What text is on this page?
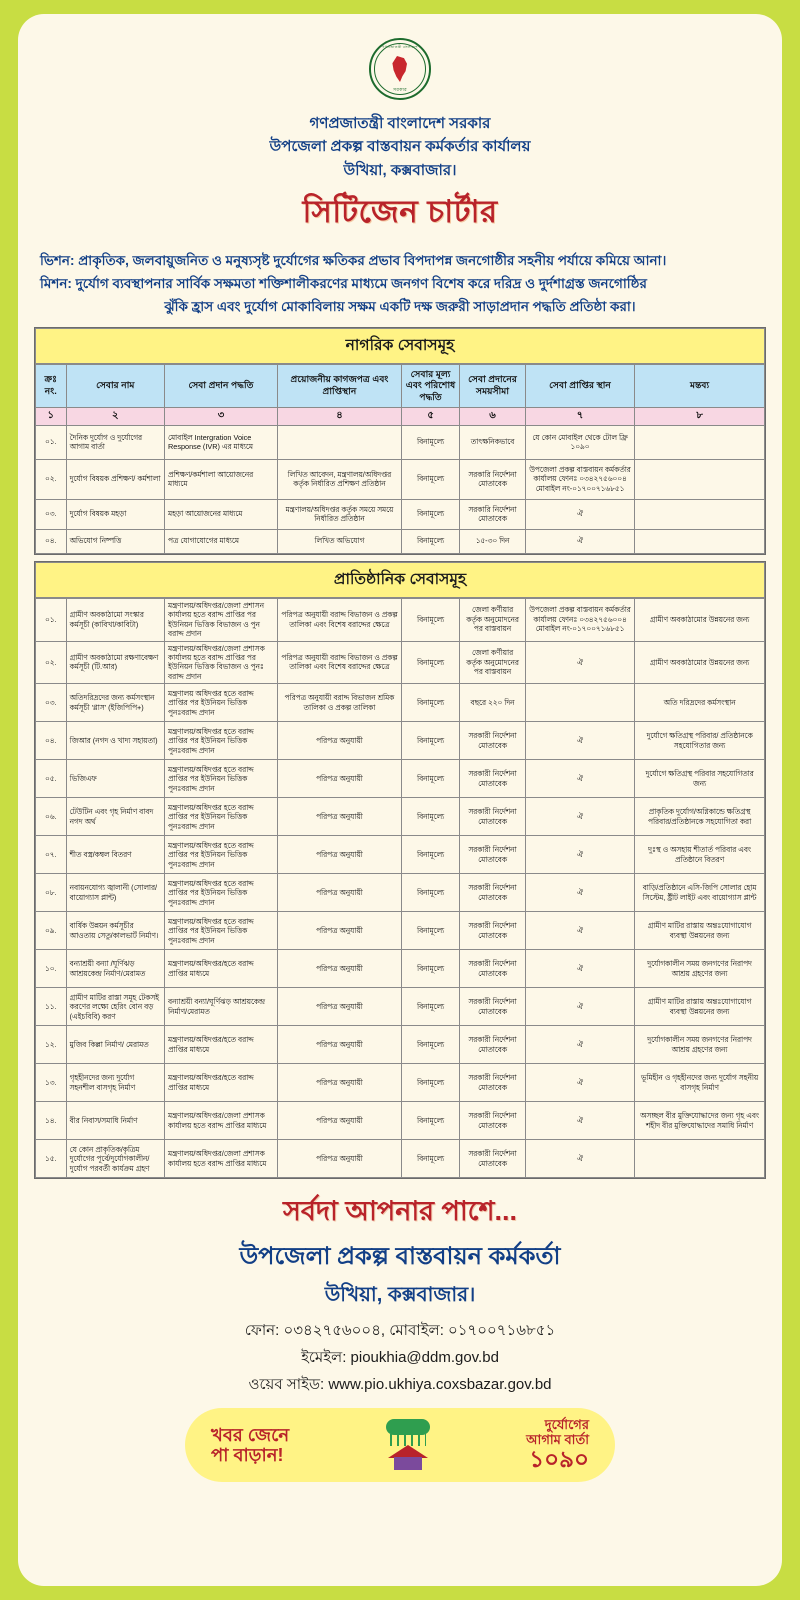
গণপ্রজাতন্ত্রী বাংলাদেশ
সরকার
গণপ্রজাতন্ত্রী বাংলাদেশ সরকার
উপজেলা প্রকল্প বাস্তবায়ন কর্মকর্তার কার্যালয়
উখিয়া, কক্সবাজার।
সিটিজেন চার্টার
ভিশন: প্রাকৃতিক, জলবায়ুজনিত ও মনুষ্যসৃষ্ট দুর্যোগের ক্ষতিকর প্রভাব বিপদাপন্ন জনগোষ্ঠীর সহনীয় পর্যায়ে কমিয়ে আনা।
মিশন: দুর্যোগ ব্যবস্থাপনার সার্বিক সক্ষমতা শক্তিশালীকরণের মাধ্যমে জনগণ বিশেষ করে দরিদ্র ও দুর্দশাগ্রস্ত জনগোষ্ঠির
ঝুঁকি হ্রাস এবং দুর্যোগ মোকাবিলায় সক্ষম একটি দক্ষ জরুরী সাড়াপ্রদান পদ্ধতি প্রতিষ্ঠা করা।
নাগরিক সেবাসমূহ
ক্রঃ নং.	সেবার নাম	সেবা প্রদান পদ্ধতি	প্রয়োজনীয় কাগজপত্র এবং প্রাপ্তিস্থান	সেবার মূল্য এবং পরিশোধ পদ্ধতি	সেবা প্রদানের সময়সীমা	সেবা প্রাপ্তির স্থান	মন্তব্য
১	২	৩	৪	৫	৬	৭	৮
০১.	দৈনিক দুর্যোগ ও দুর্যোগের আগাম বার্তা	মোবাইল Intergration Voice Response (IVR) এর মাধ্যমে		বিনামূল্যে	তাৎক্ষনিকভাবে	যে কোন মোবাইল থেকে টোল ফ্রি ১০৯০	
০২.	দুর্যোগ বিষয়ক প্রশিক্ষণ/ কর্মশালা	প্রশিক্ষণ/কর্মশালা আয়োজনের মাধ্যমে	লিখিত আবেদন, মন্ত্রণালয়/অধিদপ্তর কর্তৃক নির্ধারিত প্রশিক্ষণ প্রতিষ্ঠান	বিনামূল্যে	সরকারি নির্দেশনা মোতাবেক	উপজেলা প্রকল্প বাস্তবায়ন কর্মকর্তার কার্যালয় ফোনঃ ০৩৪২৭৫৬০০৪ মোবাইল নং-০১৭০০৭১৬৮৫১	
০৩.	দুর্যোগ বিষয়ক মহড়া	মহড়া আয়োজনের মাধ্যমে	মন্ত্রণালয়/অধিদপ্তর কর্তৃক সময়ে সময়ে নির্ধারিত প্রতিষ্ঠান	বিনামূল্যে	সরকারি নির্দেশনা মোতাবেক	ঐ	
০৪.	অভিযোগ নিষ্পত্তি	পত্র যোগাযোগের মাধ্যমে	লিখিত অভিযোগ	বিনামূল্যে	১৫-৩০ দিন	ঐ	
প্রাতিষ্ঠানিক সেবাসমূহ
০১.	গ্রামীণ অবকাঠামো সংস্কার কর্মসূচী (কাবিখা/কাবিটা)	মন্ত্রণালয়/অধিদপ্তর/জেলা প্রশাসন কার্যালয় হতে বরাদ্দ প্রাপ্তির পর ইউনিয়ন ভিত্তিক বিভাজন ও পুন বরাদ্দ প্রদান	পরিপত্র অনুযায়ী বরাদ্দ বিভাজন ও প্রকল্প তালিকা এবং বিশেষ বরাদ্দের ক্ষেত্রে	বিনামূল্যে	জেলা কর্ণীয়ার কর্তৃক অনুমোদনের পর বাস্তবায়ন	উপজেলা প্রকল্প বাস্তবায়ন কর্মকর্তার কার্যালয় ফোনঃ ০৩৪২৭৫৬০০৪ মোবাইল নং-০১৭০০৭১৬৮৫১	গ্রামীণ অবকাঠামোর উন্নয়নের জন্য
০২.	গ্রামীণ অবকাঠামো রক্ষণাবেক্ষণ কর্মসূচী (টি.আর)	মন্ত্রণালয়/অধিদপ্তর/জেলা প্রশাসক কার্যালয় হতে বরাদ্দ প্রাপ্তির পর ইউনিয়ন ভিত্তিক বিভাজন ও পুনঃ বরাদ্দ প্রদান	পরিপত্র অনুযায়ী বরাদ্দ বিভাজন ও প্রকল্প তালিকা এবং বিশেষ বরাদ্দের ক্ষেত্রে	বিনামূল্যে	জেলা কর্ণীয়ার কর্তৃক অনুমোদনের পর বাস্তবায়ন	ঐ	গ্রামীণ অবকাঠামোর উন্নয়নের জন্য
০৩.	অতিদরিদ্রদের জন্য কর্মসংস্থান কর্মসূচী 'গ্লাস' (ইজিপিপি+)	মন্ত্রণালয় অধিদপ্তর হতে বরাদ্দ প্রাপ্তির পর ইউনিয়ন ভিত্তিক পুনঃবরাদ্দ প্রদান	পরিপত্র অনুযায়ী বরাদ্দ বিভাজন শ্রমিক তালিকা ও প্রকল্প তালিকা	বিনামূল্যে	বছরে ২২০ দিন		অতি দরিদ্রদের কর্মসংস্থান
০৪.	জিআর (নগদ ও খাদ্য সহায়তা)	মন্ত্রণালয়/অধিদপ্তর হতে বরাদ্দ প্রাপ্তির পর ইউনিয়ন ভিত্তিক পুনঃবরাদ্দ প্রদান	পরিপত্র অনুযায়ী	বিনামূল্যে	সরকারী নির্দেশনা মোতাবেক	ঐ	দুর্যোগে ক্ষতিগ্রস্থ পরিবার/ প্রতিষ্ঠানকে সহযোগিতার জন্য
০৫.	ভিজিএফ	মন্ত্রণালয়/অধিদপ্তর হতে বরাদ্দ প্রাপ্তির পর ইউনিয়ন ভিত্তিক পুনঃবরাদ্দ প্রদান	পরিপত্র অনুযায়ী	বিনামূল্যে	সরকারী নির্দেশনা মোতাবেক	ঐ	দুর্যোগে ক্ষতিগ্রস্থ পরিবার সহযোগিতার জন্য
০৬.	টেউটিন এবং গৃহ নির্মাণ বাবদ নগদ অর্থ	মন্ত্রণালয়/অধিদপ্তর হতে বরাদ্দ প্রাপ্তির পর ইউনিয়ন ভিত্তিক পুনঃবরাদ্দ প্রদান	পরিপত্র অনুযায়ী	বিনামূল্যে	সরকারী নির্দেশনা মোতাবেক	ঐ	প্রাকৃতিক দুর্যোগ/অগ্নিকান্ডে ক্ষতিগ্রস্থ পরিবার/প্রতিষ্ঠানকে সহযোগিতা করা
০৭.	শীত বস্ত্র/কম্বল বিতরণ	মন্ত্রণালয়/অধিদপ্তর হতে বরাদ্দ প্রাপ্তির পর ইউনিয়ন ভিত্তিক পুনঃবরাদ্দ প্রদান	পরিপত্র অনুযায়ী	বিনামূল্যে	সরকারী নির্দেশনা মোতাবেক	ঐ	দুঃস্থ ও অসহায় শীতার্ত পরিবার এবং প্রতিষ্ঠানে বিতরণ
০৮.	নবায়নযোগ্য জ্বালানী (সোলার/বায়োগ্যাস প্লান্ট)	মন্ত্রণালয়/অধিদপ্তর হতে বরাদ্দ প্রাপ্তির পর ইউনিয়ন ভিত্তিক পুনঃবরাদ্দ প্রদান	পরিপত্র অনুযায়ী	বিনামূল্যে	সরকারী নির্দেশনা মোতাবেক	ঐ	বাড়ি/প্রতিষ্ঠানে এসি-জিপি সোলার হোম সিস্টেম, ষ্ট্রীট লাইট এবং বায়োগ্যাস প্লান্ট
০৯.	বার্ষিক উন্নয়ন কর্মসূচীর আওতায় সেতু/কালভার্ট নির্মাণ।	মন্ত্রণালয়/অধিদপ্তর হতে বরাদ্দ প্রাপ্তির পর ইউনিয়ন ভিত্তিক পুনঃবরাদ্দ প্রদান	পরিপত্র অনুযায়ী	বিনামূল্যে	সরকারী নির্দেশনা মোতাবেক	ঐ	গ্রামীণ মাটির রাস্তায় অন্তঃযোগাযোগ ব্যবস্থা উন্নয়নের জন্য
১০.	বন্যাশ্রয়ী বন্যা /ঘূর্ণিঝড় আশ্রয়কেন্দ্র নির্মাণ/মেরামত	মন্ত্রণালয়/অধিদপ্তর/হতে বরাদ্দ প্রাপ্তির মাধ্যমে	পরিপত্র অনুযায়ী	বিনামূল্যে	সরকারী নির্দেশনা মোতাবেক	ঐ	দুর্যোগকালীন সময় জনগণের নিরাপদ আশ্রয় গ্রহণের জন্য
১১.	গ্রামীণ মাটির রাস্তা সমূহ টেকসই করণের লক্ষ্যে হেরিং বোন বড় (এইচবিবি) করণ	বন্যাশ্রয়ী বন্যা/ঘূর্ণিঝড় আশ্রয়কেন্দ্র নির্মাণ/মেরামত	পরিপত্র অনুযায়ী	বিনামূল্যে	সরকারী নির্দেশনা মোতাবেক	ঐ	গ্রামীণ মাটির রাস্তায় অন্তঃযোগাযোগ ব্যবস্থা উন্নয়নের জন্য
১২.	মুজিব কিল্লা নির্মাণ/ মেরামত	মন্ত্রণালয়/অধিদপ্তর/হতে বরাদ্দ প্রাপ্তির মাধ্যমে	পরিপত্র অনুযায়ী	বিনামূল্যে	সরকারী নির্দেশনা মোতাবেক	ঐ	দুর্যোগকালীন সময় জনগণের নিরাপদ আশ্রয় গ্রহণের জন্য
১৩.	গৃহহীনদের জন্য দুর্যোগ সহনশীল বাসগৃহ নির্মাণ	মন্ত্রণালয়/অধিদপ্তর/হতে বরাদ্দ প্রাপ্তির মাধ্যমে	পরিপত্র অনুযায়ী	বিনামূল্যে	সরকারী নির্দেশনা মোতাবেক	ঐ	ভূমিহীন ও গৃহহীনদের জন্য দুর্যোগ সহনীয় বাসগৃহ নির্মাণ
১৪.	বীর নিবাস/সমাধি নির্মাণ	মন্ত্রণালয়/অধিদপ্তর/জেলা প্রশাসক কার্যালয় হতে বরাদ্দ প্রাপ্তির মাধ্যমে	পরিপত্র অনুযায়ী	বিনামূল্যে	সরকারী নির্দেশনা মোতাবেক	ঐ	অসচ্ছল বীর মুক্তিযোদ্ধাদের জন্য গৃহ এবং শহীদ বীর মুক্তিযোদ্ধাদের সমাধি নির্মাণ
১৫.	যে কোন প্রাকৃতিক/কৃত্রিম দুর্যোগের পূর্বে/দুর্যোগকালীন/ দুর্যোগ পরবর্তী কার্যক্রম গ্রহণ	মন্ত্রণালয়/অধিদপ্তর/জেলা প্রশাসক কার্যালয় হতে বরাদ্দ প্রাপ্তির মাধ্যমে	পরিপত্র অনুযায়ী	বিনামূল্যে	সরকারী নির্দেশনা মোতাবেক	ঐ	
সর্বদা আপনার পাশে...
উপজেলা প্রকল্প বাস্তবায়ন কর্মকর্তা
উখিয়া, কক্সবাজার।
ফোন: ০৩৪২৭৫৬০০৪, মোবাইল: ০১৭০০৭১৬৮৫১
ইমেইল: pioukhia@ddm.gov.bd
ওয়েব সাইড: www.pio.ukhiya.coxsbazar.gov.bd
খবর জেনে
পা বাড়ান!
দুর্যোগের
আগাম বার্তা
১০৯০
